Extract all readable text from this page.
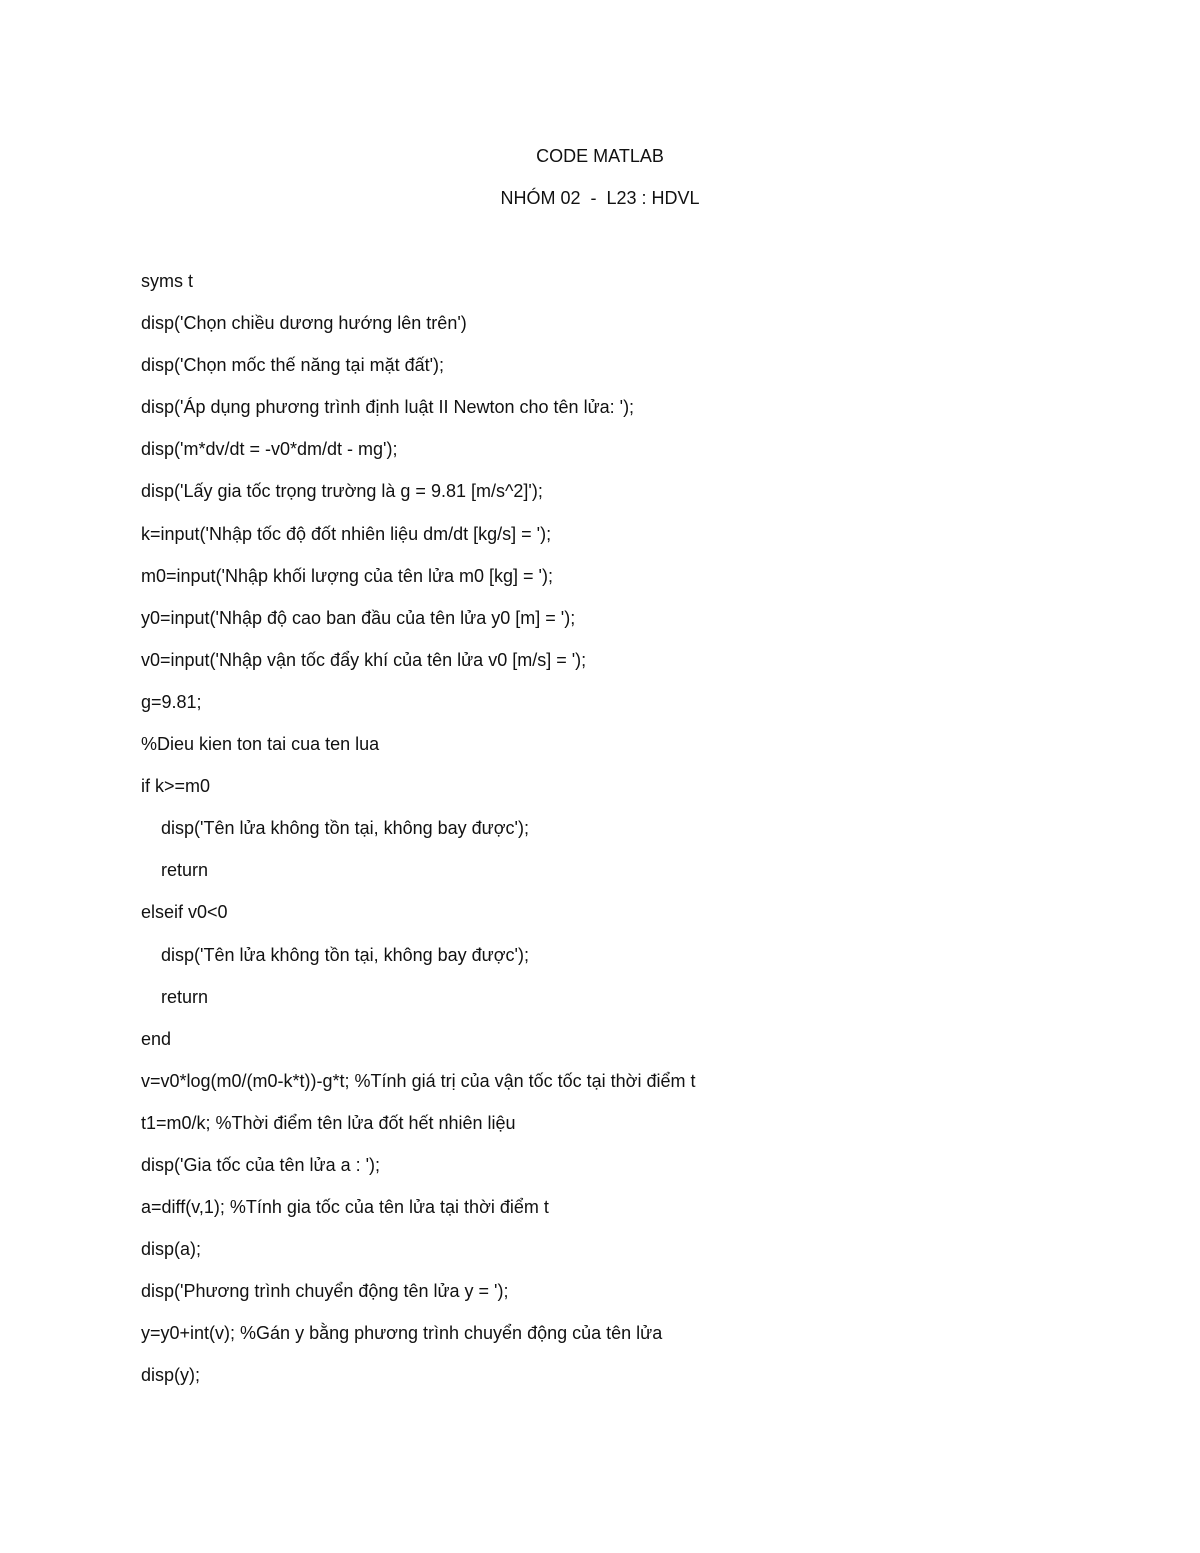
CODE MATLAB
NHÓM 02  -  L23 : HDVL
syms t
disp('Chọn chiều dương hướng lên trên')
disp('Chọn mốc thế năng tại mặt đất');
disp('Áp dụng phương trình định luật II Newton cho tên lửa: ');
disp('m*dv/dt = -v0*dm/dt - mg');
disp('Lấy gia tốc trọng trường là g = 9.81 [m/s^2]');
k=input('Nhập tốc độ đốt nhiên liệu dm/dt [kg/s] = ');
m0=input('Nhập khối lượng của tên lửa m0 [kg] = ');
y0=input('Nhập độ cao ban đầu của tên lửa y0 [m] = ');
v0=input('Nhập vận tốc đẩy khí của tên lửa v0 [m/s] = ');
g=9.81;
%Dieu kien ton tai cua ten lua
if k>=m0
disp('Tên lửa không tồn tại, không bay được');
return
elseif v0<0
disp('Tên lửa không tồn tại, không bay được');
return
end
v=v0*log(m0/(m0-k*t))-g*t; %Tính giá trị của vận tốc tốc tại thời điểm t
t1=m0/k; %Thời điểm tên lửa đốt hết nhiên liệu
disp('Gia tốc của tên lửa a : ');
a=diff(v,1); %Tính gia tốc của tên lửa tại thời điểm t
disp(a);
disp('Phương trình chuyển động tên lửa y = ');
y=y0+int(v); %Gán y bằng phương trình chuyển động của tên lửa
disp(y);
